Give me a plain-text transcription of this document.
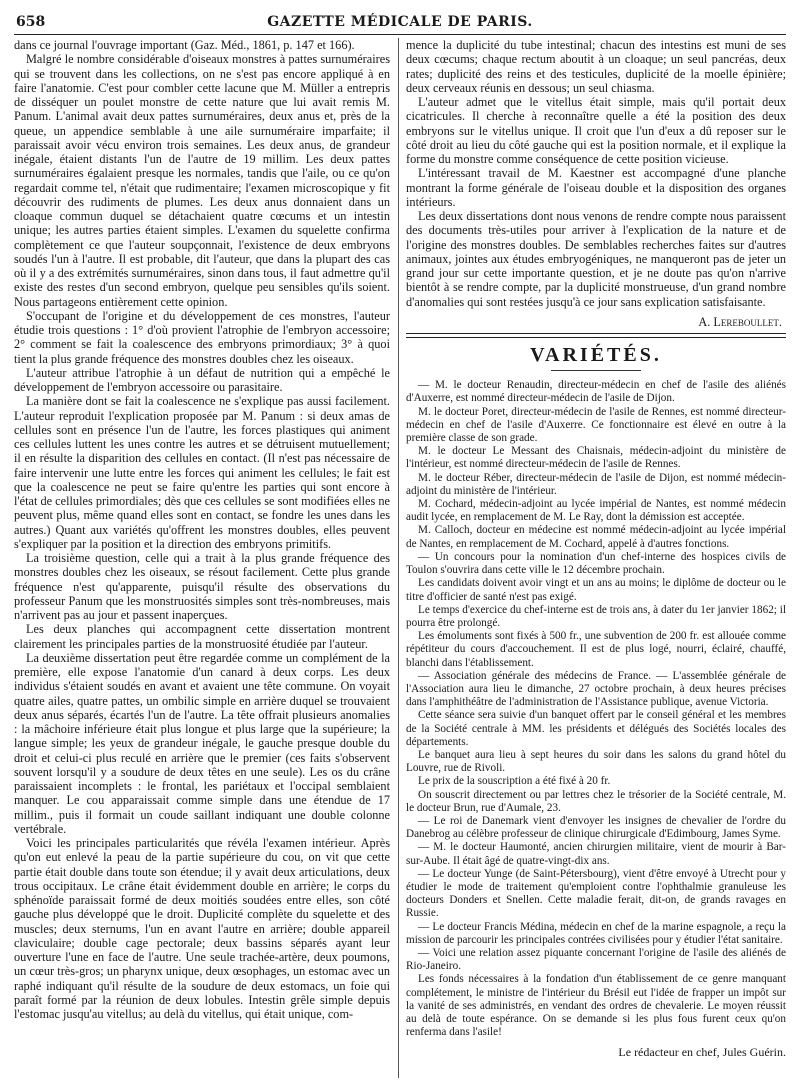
658	GAZETTE MÉDICALE DE PARIS.

dans ce journal l'ouvrage important (Gaz. Méd., 1861, p. 147 et 166).

Malgré le nombre considérable d'oiseaux monstres à pattes surnuméraires qui se trouvent dans les collections, on ne s'est pas encore appliqué à en faire l'anatomie. C'est pour combler cette lacune que M. Müller a entrepris de disséquer un poulet monstre de cette nature que lui avait remis M. Panum. L'animal avait deux pattes surnuméraires, deux anus et, près de la queue, un appendice semblable à une aile surnuméraire imparfaite; il paraissait avoir vécu environ trois semaines. Les deux anus, de grandeur inégale, étaient distants l'un de l'autre de 19 millim. Les deux pattes surnuméraires égalaient presque les normales, tandis que l'aile, ou ce qu'on regardait comme tel, n'était que rudimentaire; l'examen microscopique y fit découvrir des rudiments de plumes. Les deux anus donnaient dans un cloaque commun duquel se détachaient quatre cœcums et un intestin unique; les autres parties étaient simples. L'examen du squelette confirma complètement ce que l'auteur soupçonnait, l'existence de deux embryons soudés l'un à l'autre. Il est probable, dit l'auteur, que dans la plupart des cas où il y a des extrémités surnuméraires, sinon dans tous, il faut admettre qu'il existe des restes d'un second embryon, quelque peu sensibles qu'ils soient. Nous partageons entièrement cette opinion.

S'occupant de l'origine et du développement de ces monstres, l'auteur étudie trois questions : 1° d'où provient l'atrophie de l'embryon accessoire; 2° comment se fait la coalescence des embryons primordiaux; 3° à quoi tient la plus grande fréquence des monstres doubles chez les oiseaux.

L'auteur attribue l'atrophie à un défaut de nutrition qui a empêché le développement de l'embryon accessoire ou parasitaire.

La manière dont se fait la coalescence ne s'explique pas aussi facilement. L'auteur reproduit l'explication proposée par M. Panum : si deux amas de cellules sont en présence l'un de l'autre, les forces plastiques qui animent ces cellules luttent les unes contre les autres et se détruisent mutuellement; il en résulte la disparition des cellules en contact. (Il n'est pas nécessaire de faire intervenir une lutte entre les forces qui animent les cellules; le fait est que la coalescence ne peut se faire qu'entre les parties qui sont encore à l'état de cellules primordiales; dès que ces cellules se sont modifiées elles ne peuvent plus, même quand elles sont en contact, se fondre les unes dans les autres.) Quant aux variétés qu'offrent les monstres doubles, elles peuvent s'expliquer par la position et la direction des embryons primitifs.

La troisième question, celle qui a trait à la plus grande fréquence des monstres doubles chez les oiseaux, se résout facilement. Cette plus grande fréquence n'est qu'apparente, puisqu'il résulte des observations du professeur Panum que les monstruosités simples sont très-nombreuses, mais n'arrivent pas au jour et passent inaperçues.

Les deux planches qui accompagnent cette dissertation montrent clairement les principales parties de la monstruosité étudiée par l'auteur.

La deuxième dissertation peut être regardée comme un complément de la première, elle expose l'anatomie d'un canard à deux corps. Les deux individus s'étaient soudés en avant et avaient une tête commune. On voyait quatre ailes, quatre pattes, un ombilic simple en arrière duquel se trouvaient deux anus séparés, écartés l'un de l'autre. La tête offrait plusieurs anomalies : la mâchoire inférieure était plus longue et plus large que la supérieure; la langue simple; les yeux de grandeur inégale, le gauche presque double du droit et celui-ci plus reculé en arrière que le premier (ces faits s'observent souvent lorsqu'il y a soudure de deux têtes en une seule). Les os du crâne paraissaient incomplets : le frontal, les pariétaux et l'occipal semblaient manquer. Le cou apparaissait comme simple dans une étendue de 17 millim., puis il formait un coude saillant indiquant une double colonne vertébrale.

Voici les principales particularités que révéla l'examen intérieur. Après qu'on eut enlevé la peau de la partie supérieure du cou, on vit que cette partie était double dans toute son étendue; il y avait deux articulations, deux trous occipitaux. Le crâne était évidemment double en arrière; le corps du sphénoïde paraissait formé de deux moitiés soudées entre elles, son côté gauche plus développé que le droit. Duplicité complète du squelette et des muscles; deux sternums, l'un en avant l'autre en arrière; double appareil claviculaire; double cage pectorale; deux bassins séparés ayant leur ouverture l'une en face de l'autre. Une seule trachée-artère, deux poumons, un cœur très-gros; un pharynx unique, deux œsophages, un estomac avec un raphé indiquant qu'il résulte de la soudure de deux estomacs, un foie qui paraît formé par la réunion de deux lobules. Intestin grêle simple depuis l'estomac jusqu'au vitellus; au delà du vitellus, qui était unique, com-

mence la duplicité du tube intestinal; chacun des intestins est muni de ses deux cœcums; chaque rectum aboutit à un cloaque; un seul pancréas, deux rates; duplicité des reins et des testicules, duplicité de la moelle épinière; deux cerveaux réunis en dessous; un seul chiasma.

L'auteur admet que le vitellus était simple, mais qu'il portait deux cicatricules. Il cherche à reconnaître quelle a été la position des deux embryons sur le vitellus unique. Il croit que l'un d'eux a dû reposer sur le côté droit au lieu du côté gauche qui est la position normale, et il explique la forme du monstre comme conséquence de cette position vicieuse.

L'intéressant travail de M. Kaestner est accompagné d'une planche montrant la forme générale de l'oiseau double et la disposition des organes intérieurs.

Les deux dissertations dont nous venons de rendre compte nous paraissent des documents très-utiles pour arriver à l'explication de la nature et de l'origine des monstres doubles. De semblables recherches faites sur d'autres animaux, jointes aux études embryogéniques, ne manqueront pas de jeter un grand jour sur cette importante question, et je ne doute pas qu'on n'arrive bientôt à se rendre compte, par la duplicité monstrueuse, d'un grand nombre d'anomalies qui sont restées jusqu'à ce jour sans explication satisfaisante.

A. Lereboullet.

VARIÉTÉS.

— M. le docteur Renaudin, directeur-médecin en chef de l'asile des aliénés d'Auxerre, est nommé directeur-médecin de l'asile de Dijon.

M. le docteur Poret, directeur-médecin de l'asile de Rennes, est nommé directeur-médecin en chef de l'asile d'Auxerre. Ce fonctionnaire est élevé en outre à la première classe de son grade.

M. le docteur Le Messant des Chaisnais, médecin-adjoint du ministère de l'intérieur, est nommé directeur-médecin de l'asile de Rennes.

M. le docteur Réber, directeur-médecin de l'asile de Dijon, est nommé médecin-adjoint du ministère de l'intérieur.

M. Cochard, médecin-adjoint au lycée impérial de Nantes, est nommé médecin audit lycée, en remplacement de M. Le Ray, dont la démission est acceptée.

M. Calloch, docteur en médecine est nommé médecin-adjoint au lycée impérial de Nantes, en remplacement de M. Cochard, appelé à d'autres fonctions.

— Un concours pour la nomination d'un chef-interne des hospices civils de Toulon s'ouvrira dans cette ville le 12 décembre prochain.

Les candidats doivent avoir vingt et un ans au moins; le diplôme de docteur ou le titre d'officier de santé n'est pas exigé.

Le temps d'exercice du chef-interne est de trois ans, à dater du 1er janvier 1862; il pourra être prolongé.

Les émoluments sont fixés à 500 fr., une subvention de 200 fr. est allouée comme répétiteur du cours d'accouchement. Il est de plus logé, nourri, éclairé, chauffé, blanchi dans l'établissement.

— Association générale des médecins de France. — L'assemblée générale de l'Association aura lieu le dimanche, 27 octobre prochain, à deux heures précises dans l'amphithéâtre de l'administration de l'Assistance publique, avenue Victoria.

Cette séance sera suivie d'un banquet offert par le conseil général et les membres de la Société centrale à MM. les présidents et délégués des Sociétés locales des départements.

Le banquet aura lieu à sept heures du soir dans les salons du grand hôtel du Louvre, rue de Rivoli.

Le prix de la souscription a été fixé à 20 fr.

On souscrit directement ou par lettres chez le trésorier de la Société centrale, M. le docteur Brun, rue d'Aumale, 23.

— Le roi de Danemark vient d'envoyer les insignes de chevalier de l'ordre du Danebrog au célèbre professeur de clinique chirurgicale d'Edimbourg, James Syme.

— M. le docteur Haumonté, ancien chirurgien militaire, vient de mourir à Bar-sur-Aube. Il était âgé de quatre-vingt-dix ans.

— Le docteur Yunge (de Saint-Pétersbourg), vient d'être envoyé à Utrecht pour y étudier le mode de traitement qu'emploient contre l'ophthalmie granuleuse les docteurs Donders et Snellen. Cette maladie ferait, dit-on, de grands ravages en Russie.

— Le docteur Francis Médina, médecin en chef de la marine espagnole, a reçu la mission de parcourir les principales contrées civilisées pour y étudier l'état sanitaire.

— Voici une relation assez piquante concernant l'origine de l'asile des aliénés de Rio-Janeiro.

Les fonds nécessaires à la fondation d'un établissement de ce genre manquant complétement, le ministre de l'intérieur du Brésil eut l'idée de frapper un impôt sur la vanité de ses administrés, en vendant des ordres de chevalerie. Le moyen réussit au delà de toute espérance. On se demande si les plus fous furent ceux qu'on renferma dans l'asile!

Le rédacteur en chef, Jules Guérin.
